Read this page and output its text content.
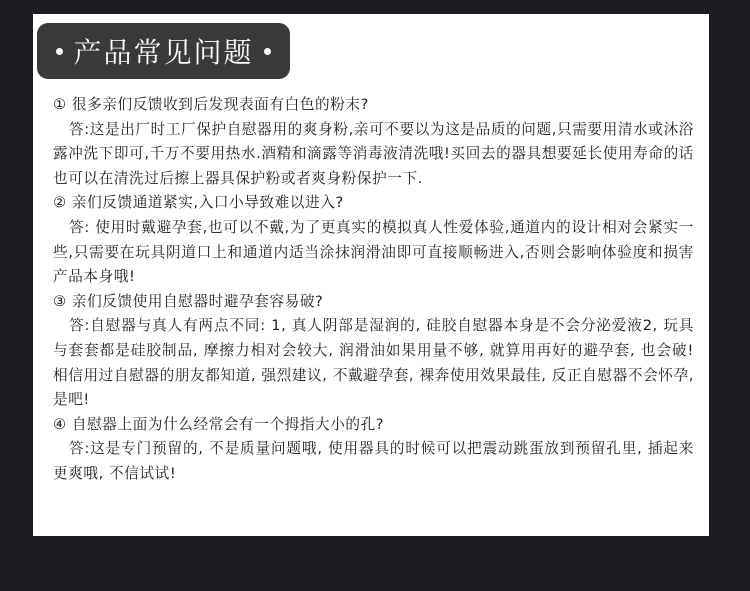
产品常见问题

① 很多亲们反馈收到后发现表面有白色的粉末?

答:这是出厂时工厂保护自慰器用的爽身粉,亲可不要以为这是品质的问题,只需要用清水或沐浴露冲洗下即可,千万不要用热水.酒精和滴露等消毒液清洗哦!买回去的器具想要延长使用寿命的话也可以在清洗过后擦上器具保护粉或者爽身粉保护一下.

② 亲们反馈通道紧实,入口小导致难以进入?

答: 使用时戴避孕套,也可以不戴,为了更真实的模拟真人性爱体验,通道内的设计相对会紧实一些,只需要在玩具阴道口上和通道内适当涂抹润滑油即可直接顺畅进入,否则会影响体验度和损害产品本身哦!

③ 亲们反馈使用自慰器时避孕套容易破?

答:自慰器与真人有两点不同: 1, 真人阴部是湿润的, 硅胶自慰器本身是不会分泌爱液2, 玩具与套套都是硅胶制品, 摩擦力相对会较大, 润滑油如果用量不够, 就算用再好的避孕套, 也会破! 相信用过自慰器的朋友都知道, 强烈建议, 不戴避孕套, 裸奔使用效果最佳, 反正自慰器不会怀孕, 是吧!

④ 自慰器上面为什么经常会有一个拇指大小的孔?

答:这是专门预留的, 不是质量问题哦, 使用器具的时候可以把震动跳蛋放到预留孔里, 插起来更爽哦, 不信试试!
